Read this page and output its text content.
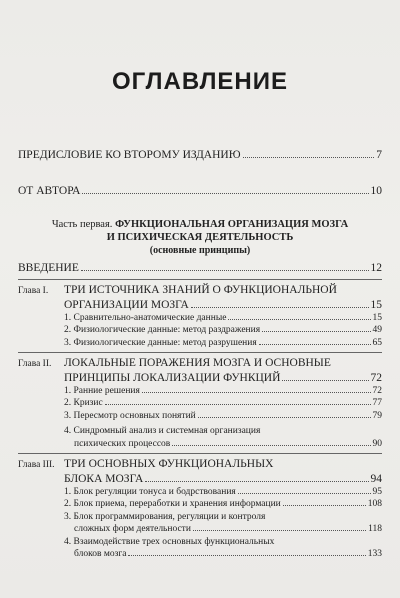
ОГЛАВЛЕНИЕ
ПРЕДИСЛОВИЕ КО ВТОРОМУ ИЗДАНИЮ	7
ОТ АВТОРА	10
Часть первая. ФУНКЦИОНАЛЬНАЯ ОРГАНИЗАЦИЯ МОЗГА
И ПСИХИЧЕСКАЯ ДЕЯТЕЛЬНОСТЬ
(основные принципы)
ВВЕДЕНИЕ	12
Глава I.	ТРИ ИСТОЧНИКА ЗНАНИЙ О ФУНКЦИОНАЛЬНОЙ
ОРГАНИЗАЦИИ МОЗГА	15
1. Сравнительно-анатомические данные	15
2. Физиологические данные: метод раздражения	49
3. Физиологические данные: метод разрушения	65
Глава II.	ЛОКАЛЬНЫЕ ПОРАЖЕНИЯ МОЗГА И ОСНОВНЫЕ
ПРИНЦИПЫ ЛОКАЛИЗАЦИИ ФУНКЦИЙ	72
1. Ранние решения	72
2. Кризис	77
3. Пересмотр основных понятий	79
4. Синдромный анализ и системная организация
психических процессов	90
Глава III. ТРИ ОСНОВНЫХ ФУНКЦИОНАЛЬНЫХ
БЛОКА МОЗГА	94
1. Блок регуляции тонуса и бодрствования	95
2. Блок приема, переработки и хранения информации	108
3. Блок программирования, регуляции и контроля
сложных форм деятельности	118
4. Взаимодействие трех основных функциональных
блоков мозга	133
